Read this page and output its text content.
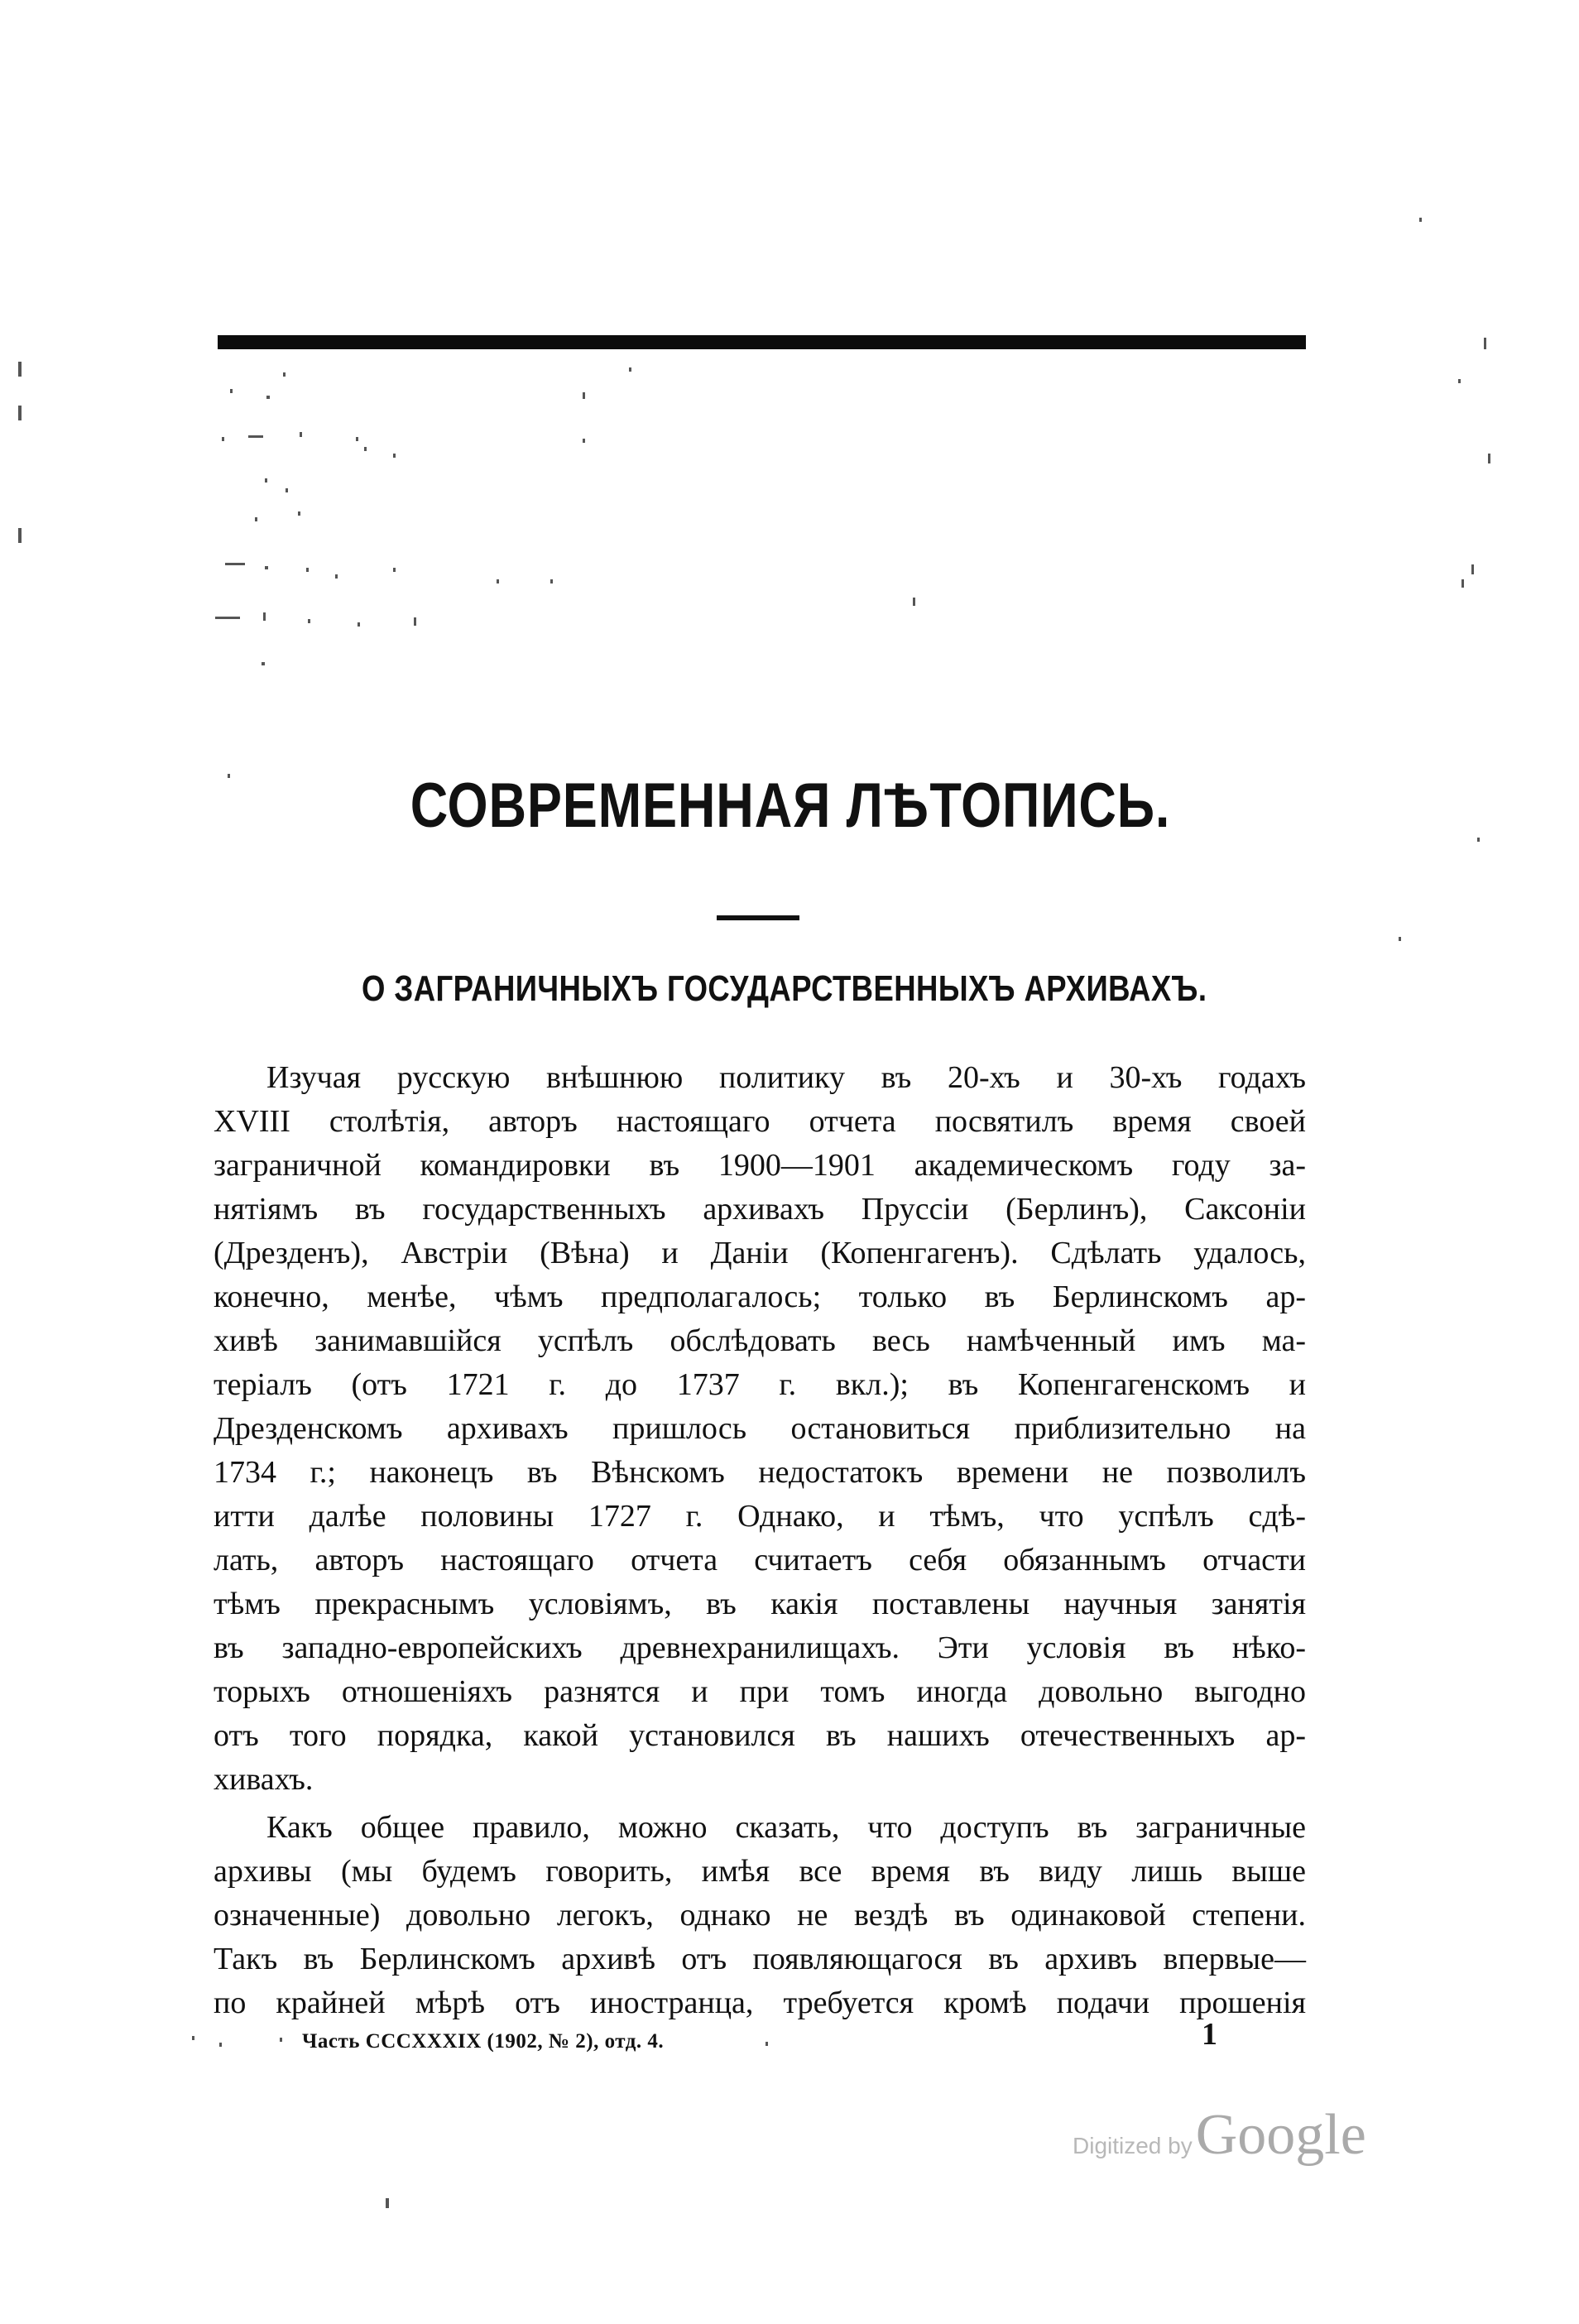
СОВРЕМЕННАЯ ЛѢТОПИСЬ.
О ЗАГРАНИЧНЫХЪ ГОСУДАРСТВЕННЫХЪ АРХИВАХЪ.
Изучая русскую внѣшнюю политику въ 20-хъ и 30-хъ годахъ
XVIII столѣтія, авторъ настоящаго отчета посвятилъ время своей
заграничной командировки въ 1900—1901 академическомъ году за-
нятіямъ въ государственныхъ архивахъ Пруссіи (Берлинъ), Саксоніи
(Дрезденъ), Австріи (Вѣна) и Даніи (Копенгагенъ). Сдѣлать удалось,
конечно, менѣе, чѣмъ предполагалось; только въ Берлинскомъ ар-
хивѣ занимавшійся успѣлъ обслѣдовать весь намѣченный имъ ма-
теріалъ (отъ 1721 г. до 1737 г. вкл.); въ Копенгагенскомъ и
Дрезденскомъ архивахъ пришлось остановиться приблизительно на
1734 г.; наконецъ въ Вѣнскомъ недостатокъ времени не позволилъ
итти далѣе половины 1727 г. Однако, и тѣмъ, что успѣлъ сдѣ-
лать, авторъ настоящаго отчета считаетъ себя обязаннымъ отчасти
тѣмъ прекраснымъ условіямъ, въ какія поставлены научныя занятія
въ западно-европейскихъ древнехранилищахъ. Эти условія въ нѣко-
торыхъ отношеніяхъ разнятся и при томъ иногда довольно выгодно
отъ того порядка, какой установился въ нашихъ отечественныхъ ар-
хивахъ.
Какъ общее правило, можно сказать, что доступъ въ заграничные
архивы (мы будемъ говорить, имѣя все время въ виду лишь выше
означенные) довольно легокъ, однако не вездѣ въ одинаковой степени.
Такъ въ Берлинскомъ архивѣ отъ появляющагося въ архивъ впервые—
по крайней мѣрѣ отъ иностранца, требуется кромѣ подачи прошенія
Часть CCCXXXIX (1902, № 2), отд. 4.	1
Digitized by Google
